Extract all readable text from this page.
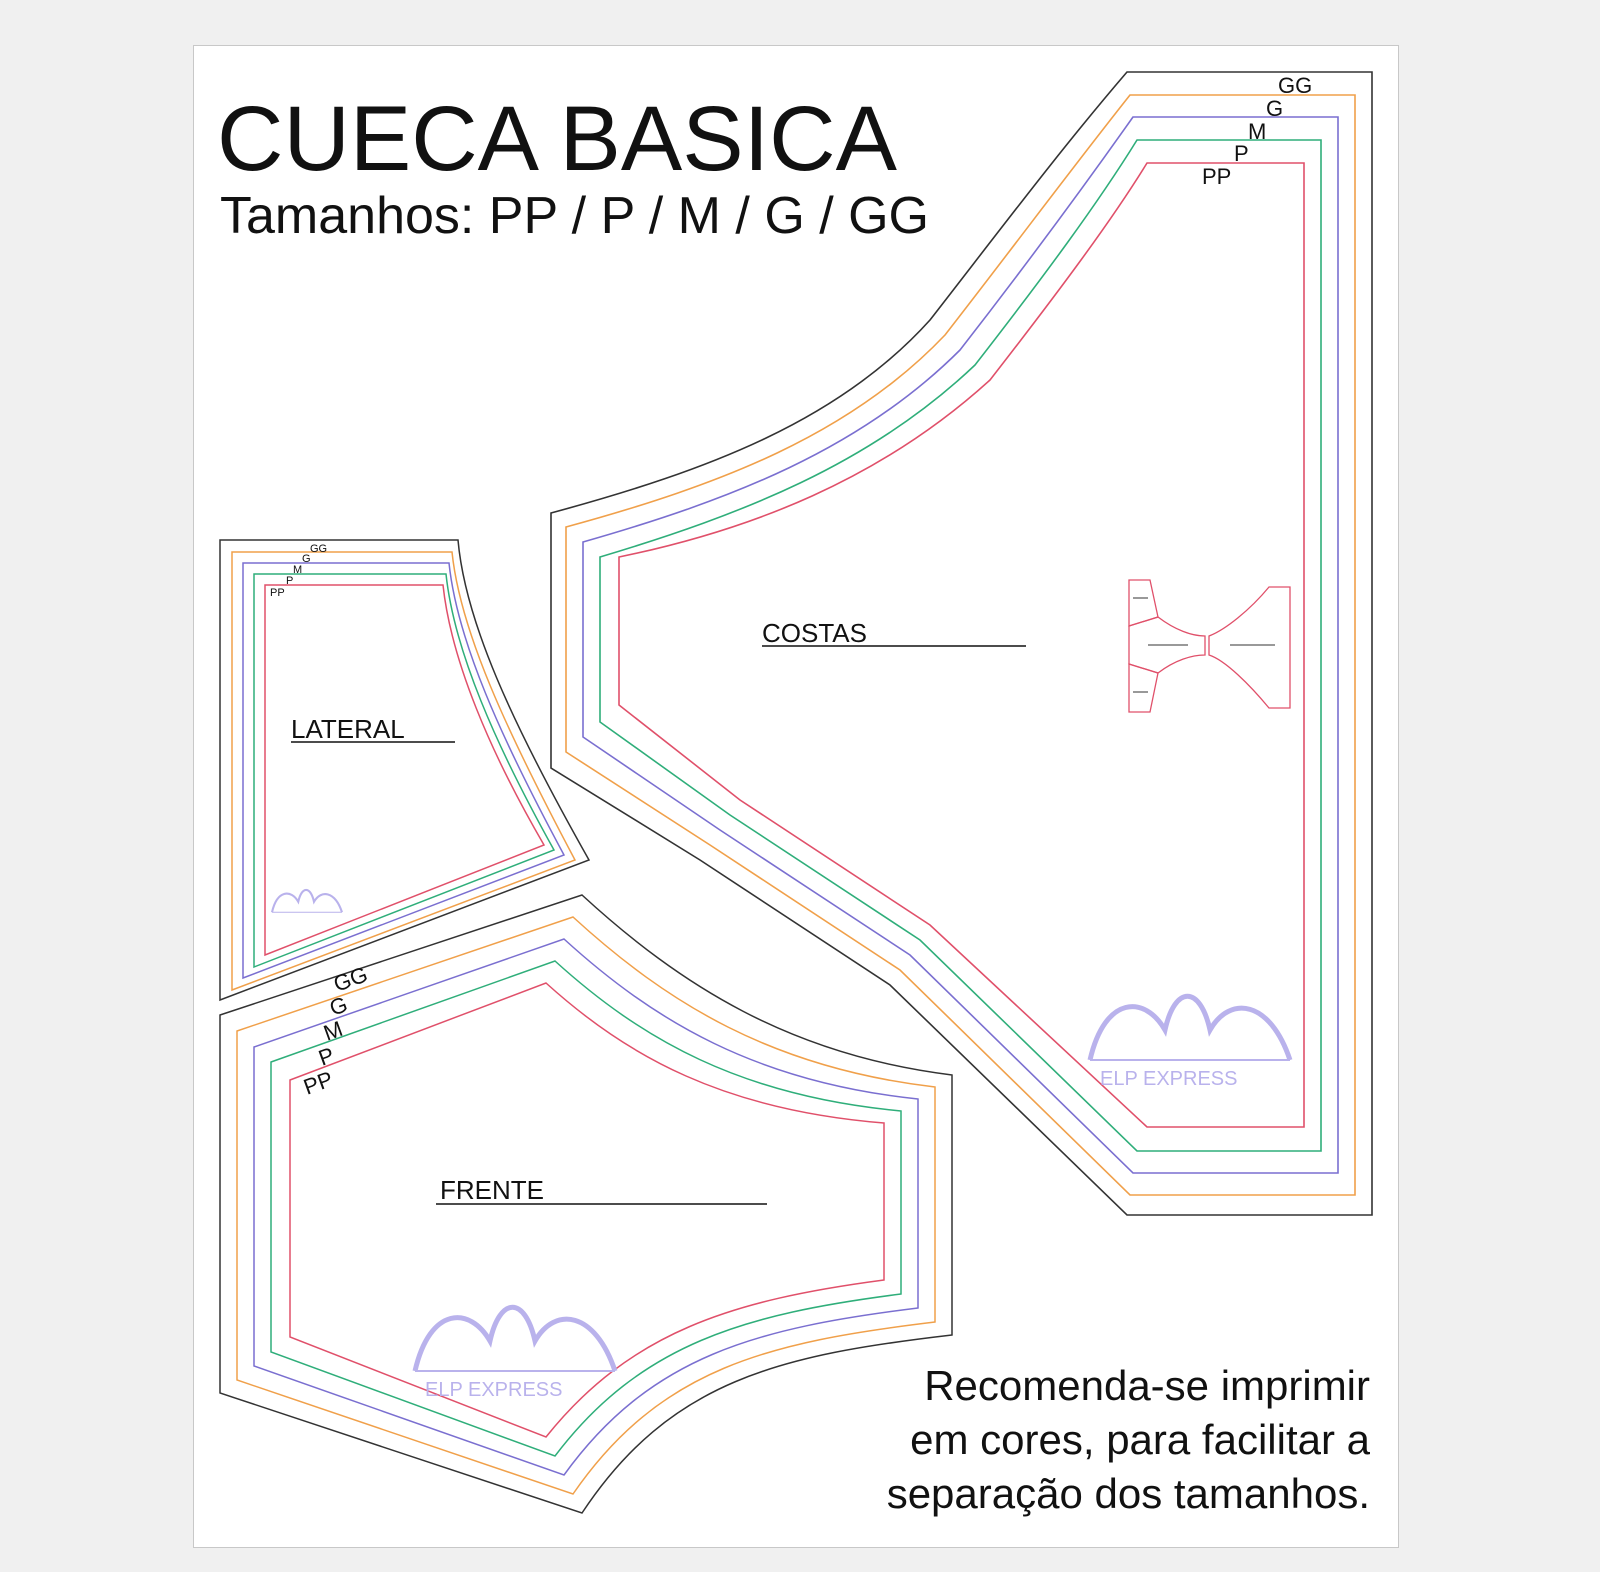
CUECA BASICA
Tamanhos: PP / P / M / G / GG
GG
G
M
P
PP
COSTAS
GG
G
M
P
PP
LATERAL
GG
G
M
P
PP
FRENTE
ELP EXPRESS
ELP EXPRESS	Recomenda-se imprimir
em cores, para facilitar a
separação dos tamanhos.
